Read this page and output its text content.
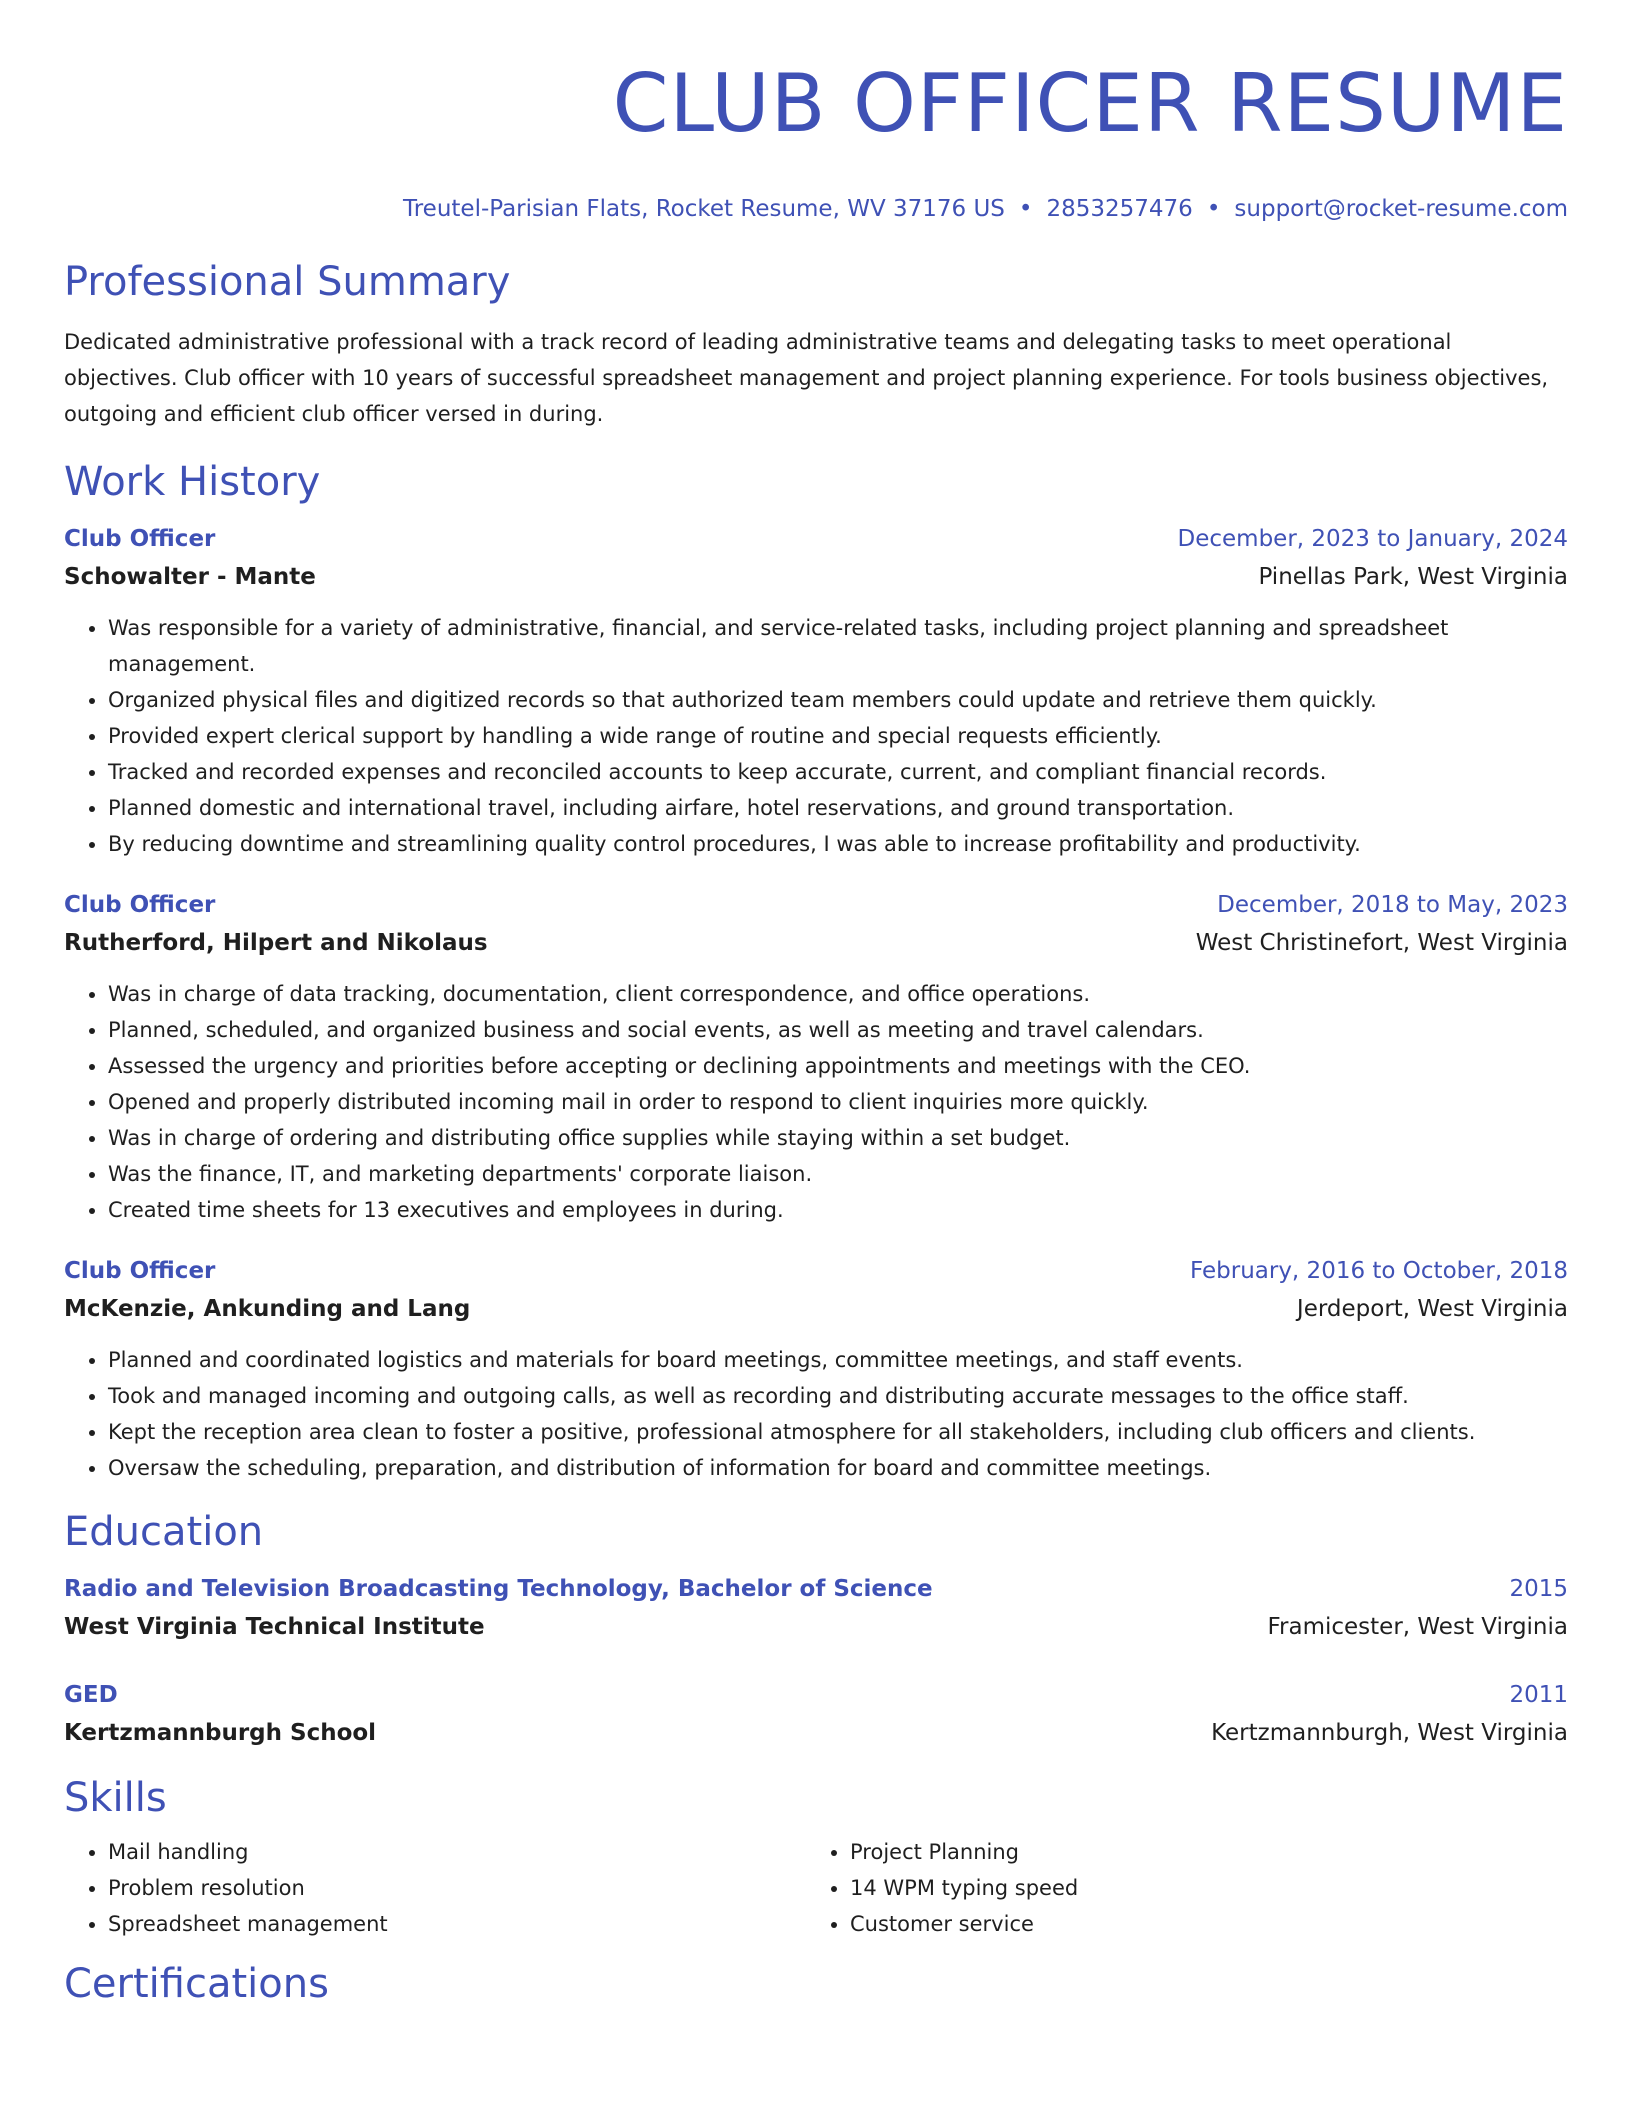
CLUB OFFICER RESUME
Treutel-Parisian Flats, Rocket Resume, WV 37176 US • 2853257476 • support@rocket-resume.com
Professional Summary

Dedicated administrative professional with a track record of leading administrative teams and delegating tasks to meet operational objectives. Club officer with 10 years of successful spreadsheet management and project planning experience. For tools business objectives, outgoing and efficient club officer versed in during.

Work History
Club Officer	December, 2023 to January, 2024
Schowalter - Mante	Pinellas Park, West Virginia
• Was responsible for a variety of administrative, financial, and service-related tasks, including project planning and spreadsheet management.
• Organized physical files and digitized records so that authorized team members could update and retrieve them quickly.
• Provided expert clerical support by handling a wide range of routine and special requests efficiently.
• Tracked and recorded expenses and reconciled accounts to keep accurate, current, and compliant financial records.
• Planned domestic and international travel, including airfare, hotel reservations, and ground transportation.
• By reducing downtime and streamlining quality control procedures, I was able to increase profitability and productivity.
Club Officer	December, 2018 to May, 2023
Rutherford, Hilpert and Nikolaus	West Christinefort, West Virginia
• Was in charge of data tracking, documentation, client correspondence, and office operations.
• Planned, scheduled, and organized business and social events, as well as meeting and travel calendars.
• Assessed the urgency and priorities before accepting or declining appointments and meetings with the CEO.
• Opened and properly distributed incoming mail in order to respond to client inquiries more quickly.
• Was in charge of ordering and distributing office supplies while staying within a set budget.
• Was the finance, IT, and marketing departments' corporate liaison.
• Created time sheets for 13 executives and employees in during.
Club Officer	February, 2016 to October, 2018
McKenzie, Ankunding and Lang	Jerdeport, West Virginia
• Planned and coordinated logistics and materials for board meetings, committee meetings, and staff events.
• Took and managed incoming and outgoing calls, as well as recording and distributing accurate messages to the office staff.
• Kept the reception area clean to foster a positive, professional atmosphere for all stakeholders, including club officers and clients.
• Oversaw the scheduling, preparation, and distribution of information for board and committee meetings.
Education
Radio and Television Broadcasting Technology, Bachelor of Science	2015
West Virginia Technical Institute	Framicester, West Virginia
GED	2011
Kertzmannburgh School	Kertzmannburgh, West Virginia
Skills
• Mail handling
• Problem resolution
• Spreadsheet management
• Project Planning
• 14 WPM typing speed
• Customer service
Certifications
